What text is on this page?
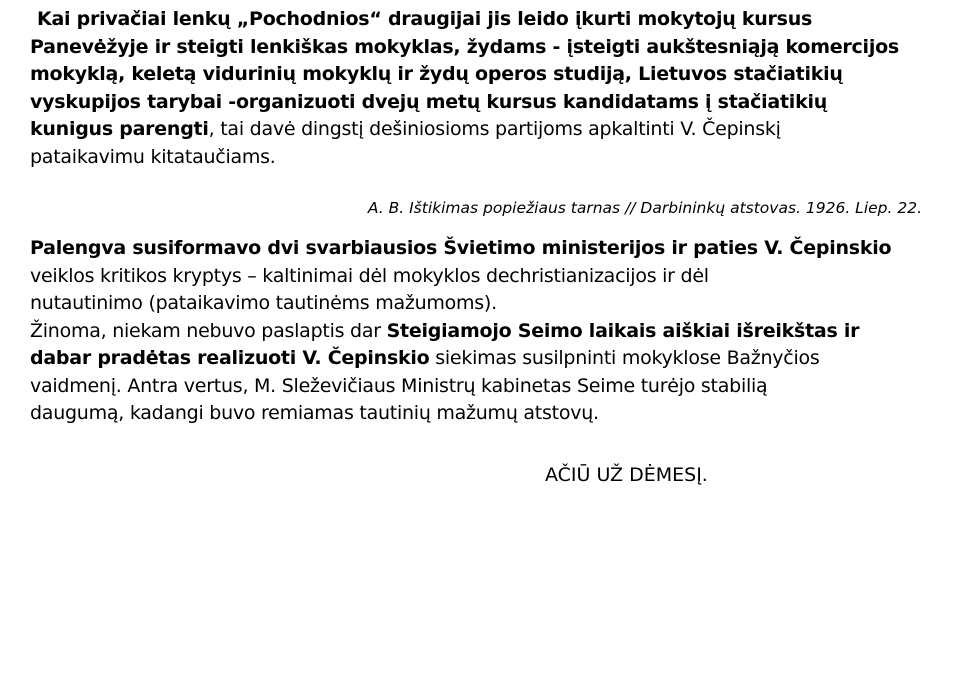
Kai privačiai lenkų „Pochodnios“ draugijai jis leido įkurti mokytojų kursus
Panevėžyje ir steigti lenkiškas mokyklas, žydams - įsteigti aukštesniąją komercijos
mokyklą, keletą vidurinių mokyklų ir žydų operos studiją, Lietuvos stačiatikių
vyskupijos tarybai -organizuoti dvejų metų kursus kandidatams į stačiatikių
kunigus parengti, tai davė dingstį dešiniosioms partijoms apkaltinti V. Čepinskį
pataikavimu kitataučiams.

A. B. Ištikimas popiežiaus tarnas // Darbininkų atstovas. 1926. Liep. 22.

Palengva susiformavo dvi svarbiausios Švietimo ministerijos ir paties V. Čepinskio
veiklos kritikos kryptys – kaltinimai dėl mokyklos dechristianizacijos ir dėl
nutautinimo (pataikavimo tautinėms mažumoms).
Žinoma, niekam nebuvo paslaptis dar Steigiamojo Seimo laikais aiškiai išreikštas ir
dabar pradėtas realizuoti V. Čepinskio siekimas susilpninti mokyklose Bažnyčios
vaidmenį. Antra vertus, M. Sleževičiaus Ministrų kabinetas Seime turėjo stabilią
daugumą, kadangi buvo remiamas tautinių mažumų atstovų.

AČIŪ UŽ DĖMESĮ.
